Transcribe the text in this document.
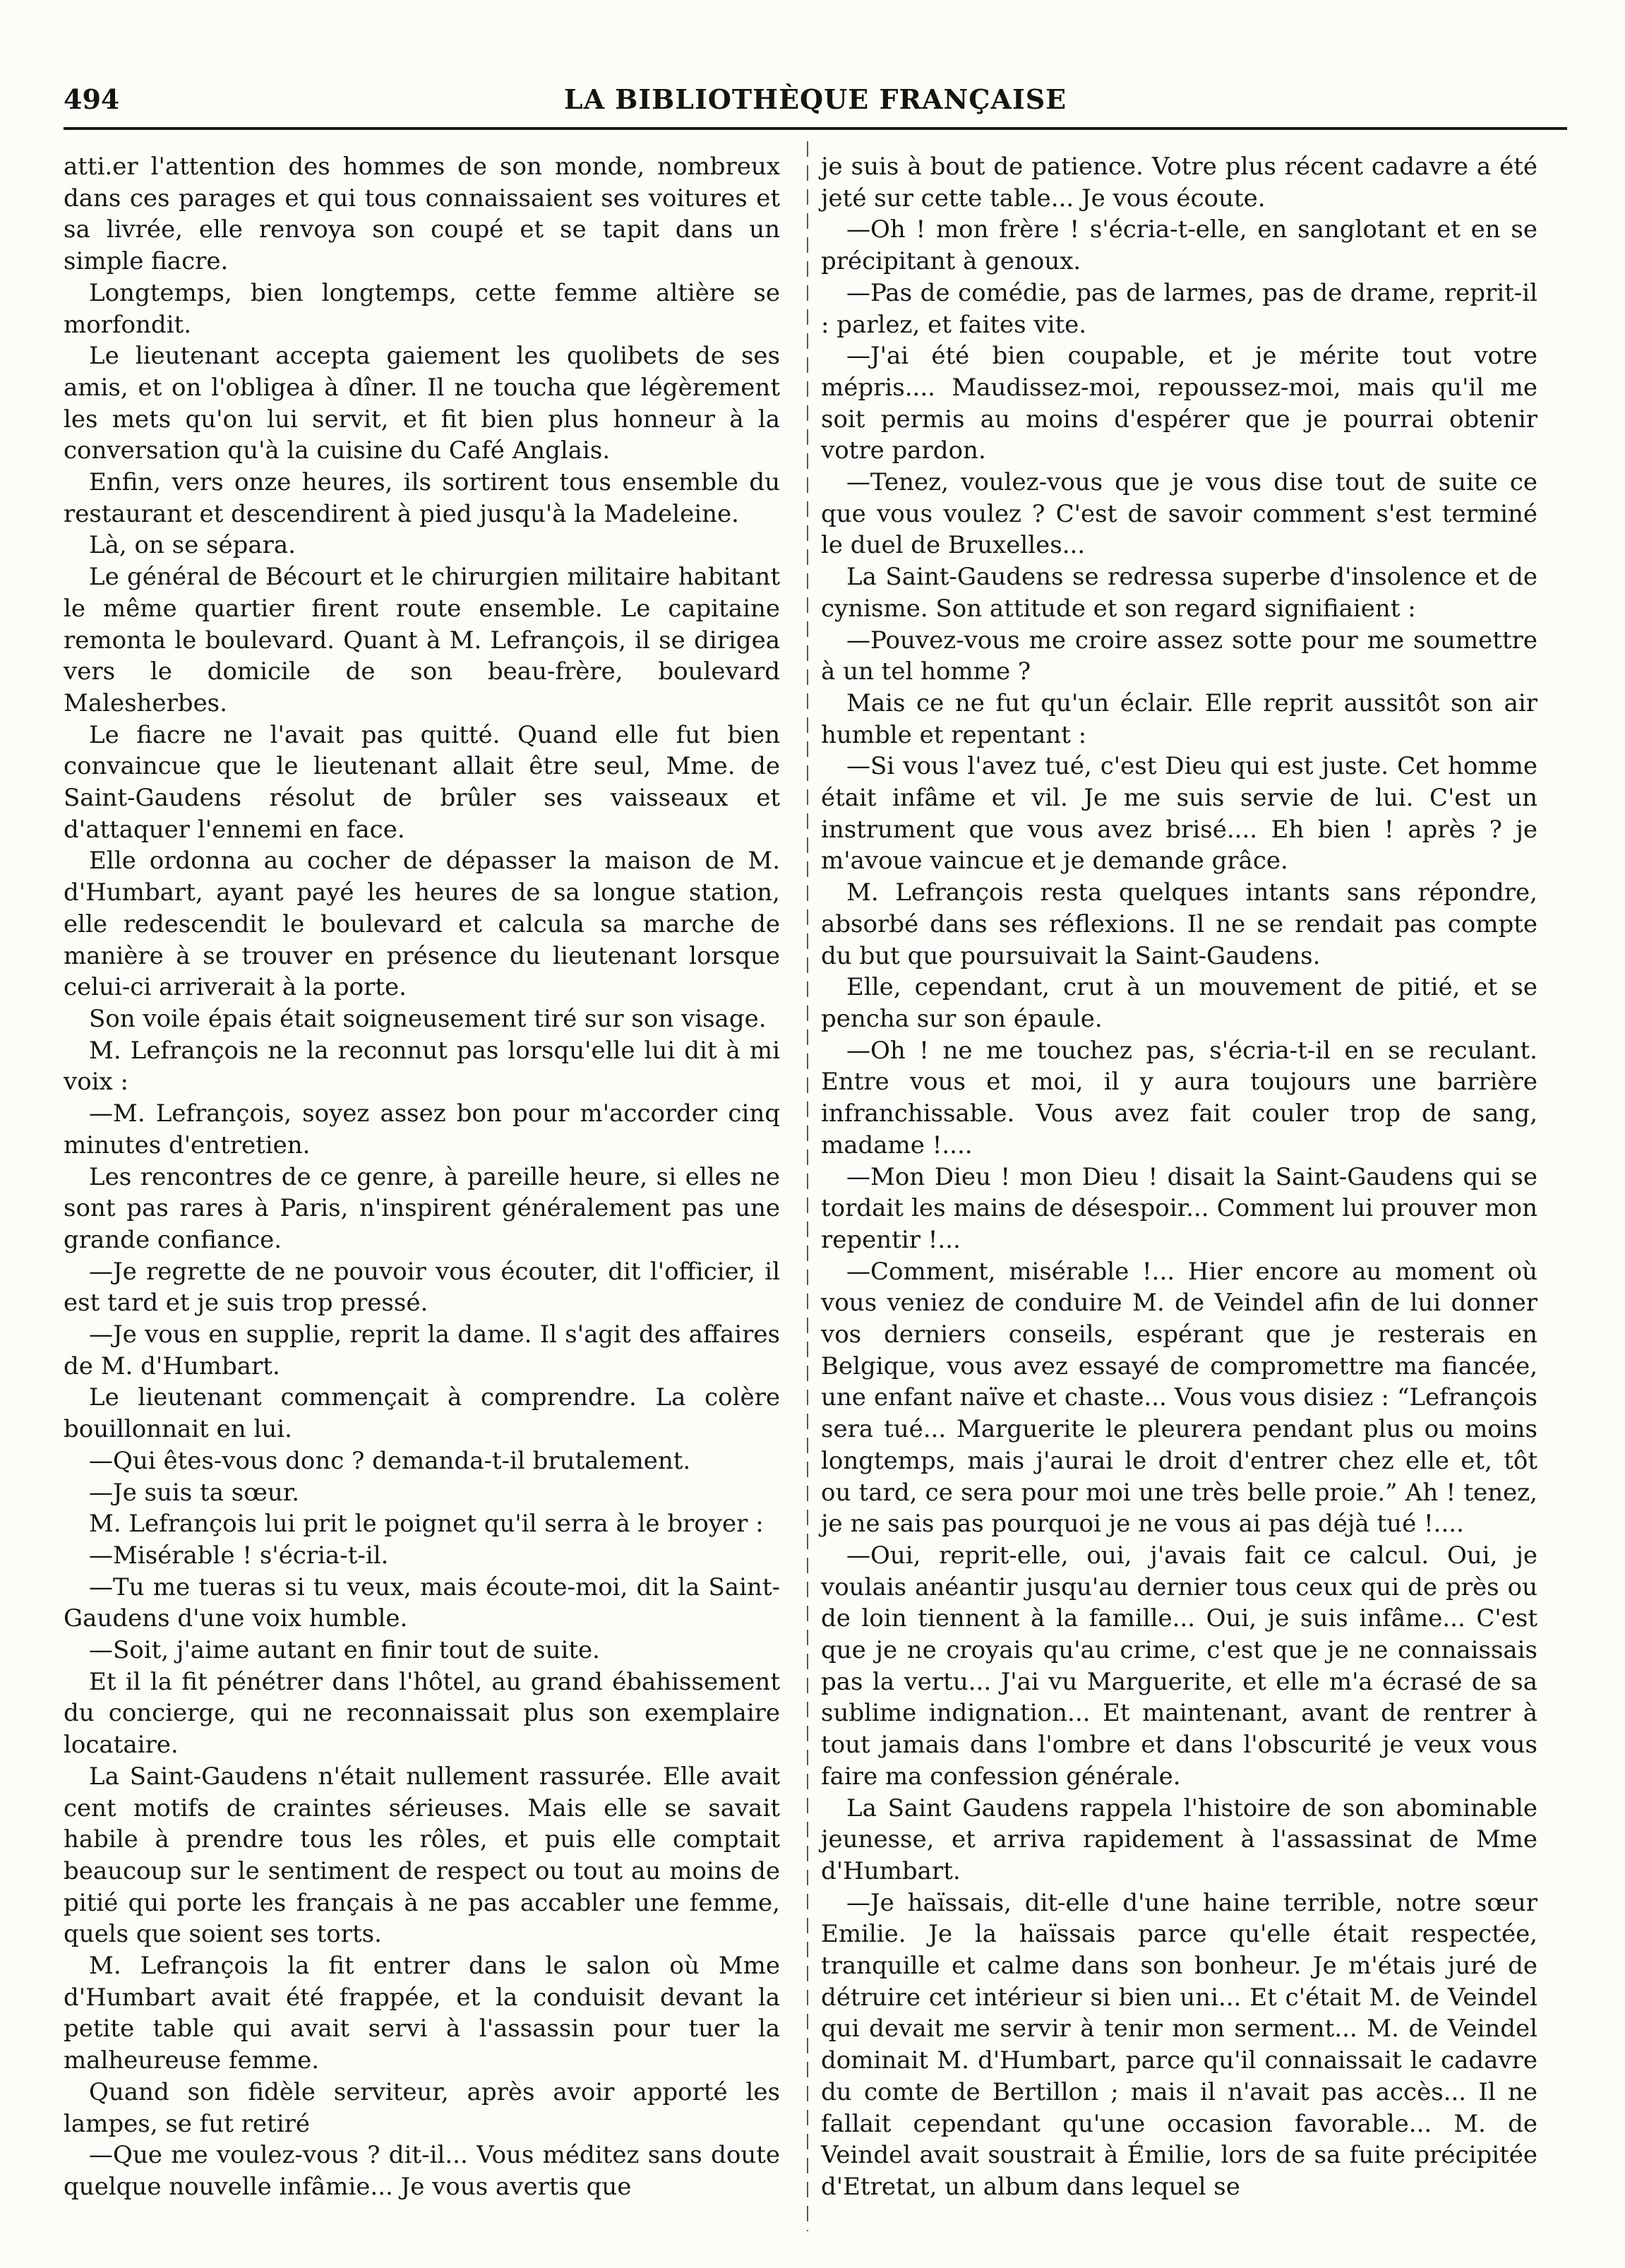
494	LA BIBLIOTHÈQUE FRANÇAISE

atti.er l'attention des hommes de son monde, nombreux dans ces parages et qui tous connaissaient ses voitures et sa livrée, elle renvoya son coupé et se tapit dans un simple fiacre.

Longtemps, bien longtemps, cette femme altière se morfondit.

Le lieutenant accepta gaiement les quolibets de ses amis, et on l'obligea à dîner. Il ne toucha que légèrement les mets qu'on lui servit, et fit bien plus honneur à la conversation qu'à la cuisine du Café Anglais.

Enfin, vers onze heures, ils sortirent tous ensemble du restaurant et descendirent à pied jusqu'à la Madeleine.

Là, on se sépara.

Le général de Bécourt et le chirurgien militaire habitant le même quartier firent route ensemble. Le capitaine remonta le boulevard. Quant à M. Lefrançois, il se dirigea vers le domicile de son beau-frère, boulevard Malesherbes.

Le fiacre ne l'avait pas quitté. Quand elle fut bien convaincue que le lieutenant allait être seul, Mme. de Saint-Gaudens résolut de brûler ses vaisseaux et d'attaquer l'ennemi en face.

Elle ordonna au cocher de dépasser la maison de M. d'Humbart, ayant payé les heures de sa longue station, elle redescendit le boulevard et calcula sa marche de manière à se trouver en présence du lieutenant lorsque celui-ci arriverait à la porte.

Son voile épais était soigneusement tiré sur son visage.

M. Lefrançois ne la reconnut pas lorsqu'elle lui dit à mi voix :

—M. Lefrançois, soyez assez bon pour m'accorder cinq minutes d'entretien.

Les rencontres de ce genre, à pareille heure, si elles ne sont pas rares à Paris, n'inspirent généralement pas une grande confiance.

—Je regrette de ne pouvoir vous écouter, dit l'officier, il est tard et je suis trop pressé.

—Je vous en supplie, reprit la dame. Il s'agit des affaires de M. d'Humbart.

Le lieutenant commençait à comprendre. La colère bouillonnait en lui.

—Qui êtes-vous donc ? demanda-t-il brutalement.

—Je suis ta sœur.

M. Lefrançois lui prit le poignet qu'il serra à le broyer :

—Misérable ! s'écria-t-il.

—Tu me tueras si tu veux, mais écoute-moi, dit la Saint-Gaudens d'une voix humble.

—Soit, j'aime autant en finir tout de suite.

Et il la fit pénétrer dans l'hôtel, au grand ébahissement du concierge, qui ne reconnaissait plus son exemplaire locataire.

La Saint-Gaudens n'était nullement rassurée. Elle avait cent motifs de craintes sérieuses. Mais elle se savait habile à prendre tous les rôles, et puis elle comptait beaucoup sur le sentiment de respect ou tout au moins de pitié qui porte les français à ne pas accabler une femme, quels que soient ses torts.

M. Lefrançois la fit entrer dans le salon où Mme d'Humbart avait été frappée, et la conduisit devant la petite table qui avait servi à l'assassin pour tuer la malheureuse femme.

Quand son fidèle serviteur, après avoir apporté les lampes, se fut retiré

—Que me voulez-vous ? dit-il... Vous méditez sans doute quelque nouvelle infâmie... Je vous avertis que

je suis à bout de patience. Votre plus récent cadavre a été jeté sur cette table... Je vous écoute.

—Oh ! mon frère ! s'écria-t-elle, en sanglotant et en se précipitant à genoux.

—Pas de comédie, pas de larmes, pas de drame, reprit-il : parlez, et faites vite.

—J'ai été bien coupable, et je mérite tout votre mépris.... Maudissez-moi, repoussez-moi, mais qu'il me soit permis au moins d'espérer que je pourrai obtenir votre pardon.

—Tenez, voulez-vous que je vous dise tout de suite ce que vous voulez ? C'est de savoir comment s'est terminé le duel de Bruxelles...

La Saint-Gaudens se redressa superbe d'insolence et de cynisme. Son attitude et son regard signifiaient :

—Pouvez-vous me croire assez sotte pour me soumettre à un tel homme ?

Mais ce ne fut qu'un éclair. Elle reprit aussitôt son air humble et repentant :

—Si vous l'avez tué, c'est Dieu qui est juste. Cet homme était infâme et vil. Je me suis servie de lui. C'est un instrument que vous avez brisé.... Eh bien ! après ? je m'avoue vaincue et je demande grâce.

M. Lefrançois resta quelques intants sans répondre, absorbé dans ses réflexions. Il ne se rendait pas compte du but que poursuivait la Saint-Gaudens.

Elle, cependant, crut à un mouvement de pitié, et se pencha sur son épaule.

—Oh ! ne me touchez pas, s'écria-t-il en se reculant. Entre vous et moi, il y aura toujours une barrière infranchissable. Vous avez fait couler trop de sang, madame !....

—Mon Dieu ! mon Dieu ! disait la Saint-Gaudens qui se tordait les mains de désespoir... Comment lui prouver mon repentir !...

—Comment, misérable !... Hier encore au moment où vous veniez de conduire M. de Veindel afin de lui donner vos derniers conseils, espérant que je resterais en Belgique, vous avez essayé de compromettre ma fiancée, une enfant naïve et chaste... Vous vous disiez : “Lefrançois sera tué... Marguerite le pleurera pendant plus ou moins longtemps, mais j'aurai le droit d'entrer chez elle et, tôt ou tard, ce sera pour moi une très belle proie.” Ah ! tenez, je ne sais pas pourquoi je ne vous ai pas déjà tué !....

—Oui, reprit-elle, oui, j'avais fait ce calcul. Oui, je voulais anéantir jusqu'au dernier tous ceux qui de près ou de loin tiennent à la famille... Oui, je suis infâme... C'est que je ne croyais qu'au crime, c'est que je ne connaissais pas la vertu... J'ai vu Marguerite, et elle m'a écrasé de sa sublime indignation... Et maintenant, avant de rentrer à tout jamais dans l'ombre et dans l'obscurité je veux vous faire ma confession générale.

La Saint Gaudens rappela l'histoire de son abominable jeunesse, et arriva rapidement à l'assassinat de Mme d'Humbart.

—Je haïssais, dit-elle d'une haine terrible, notre sœur Emilie. Je la haïssais parce qu'elle était respectée, tranquille et calme dans son bonheur. Je m'étais juré de détruire cet intérieur si bien uni... Et c'était M. de Veindel qui devait me servir à tenir mon serment... M. de Veindel dominait M. d'Humbart, parce qu'il connaissait le cadavre du comte de Bertillon ; mais il n'avait pas accès... Il ne fallait cependant qu'une occasion favorable... M. de Veindel avait soustrait à Émilie, lors de sa fuite précipitée d'Etretat, un album dans lequel se
